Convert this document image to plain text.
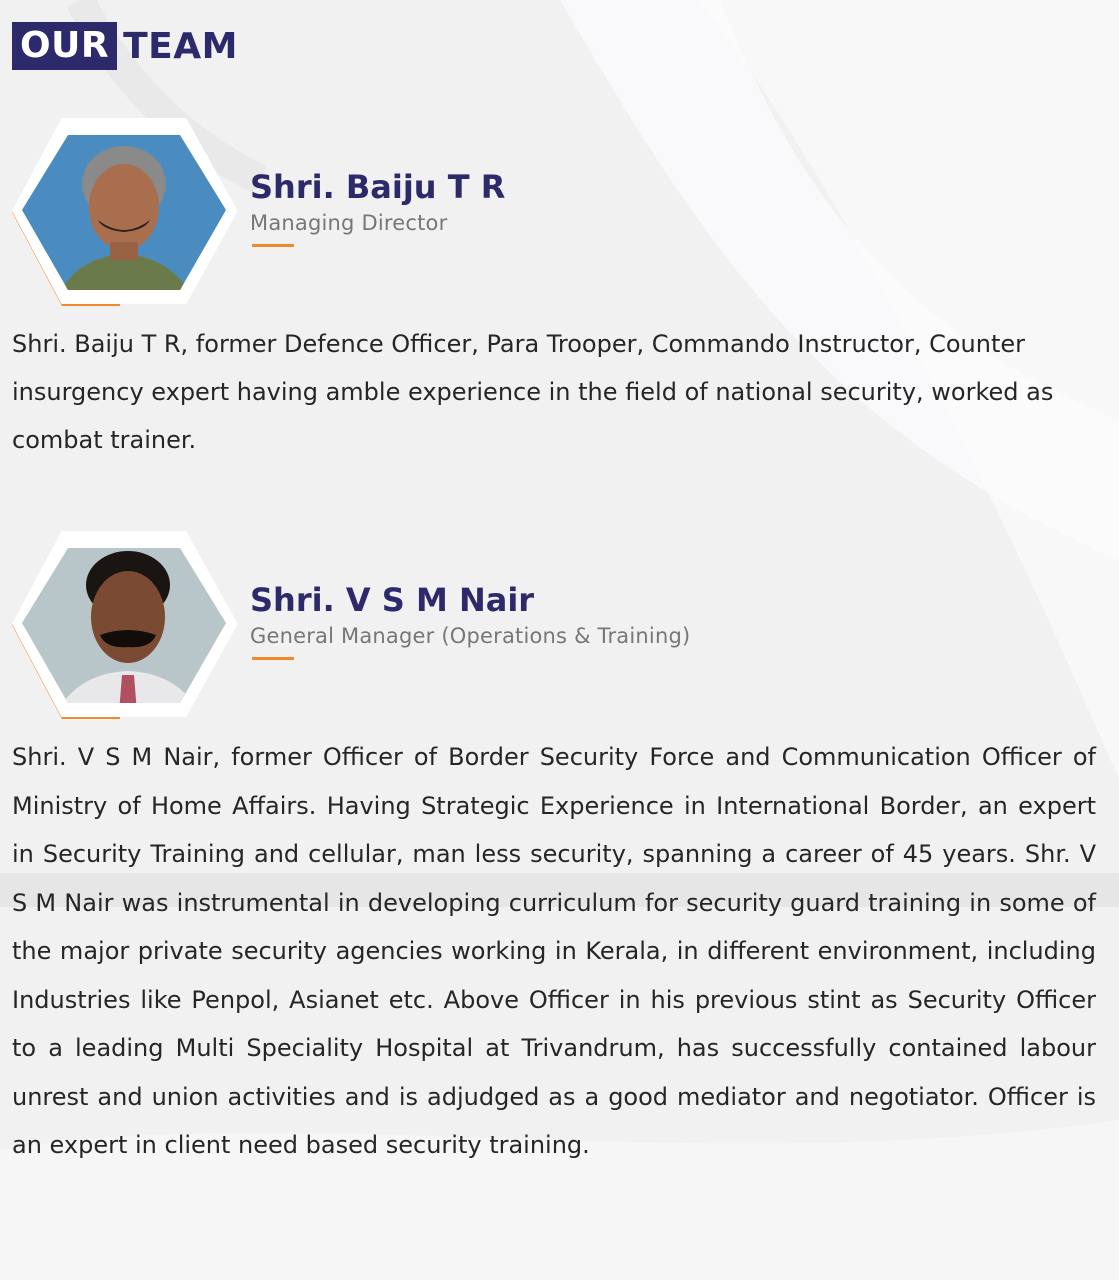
OUR TEAM
Shri. Baiju T R
Managing Director

Shri. Baiju T R, former Defence Officer, Para Trooper, Commando Instructor, Counter insurgency expert having amble experience in the field of national security, worked as combat trainer.

Shri. V S M Nair
General Manager (Operations & Training)

Shri. V S M Nair, former Officer of Border Security Force and Communication Officer of Ministry of Home Affairs. Having Strategic Experience in International Border, an expert in Security Training and cellular, man less security, spanning a career of 45 years. Shr. V S M Nair was instrumental in developing curriculum for security guard training in some of the major private security agencies working in Kerala, in different environment, including Industries like Penpol, Asianet etc. Above Officer in his previous stint as Security Officer to a leading Multi Speciality Hospital at Trivandrum, has successfully contained labour unrest and union activities and is adjudged as a good mediator and negotiator. Officer is an expert in client need based security training.
